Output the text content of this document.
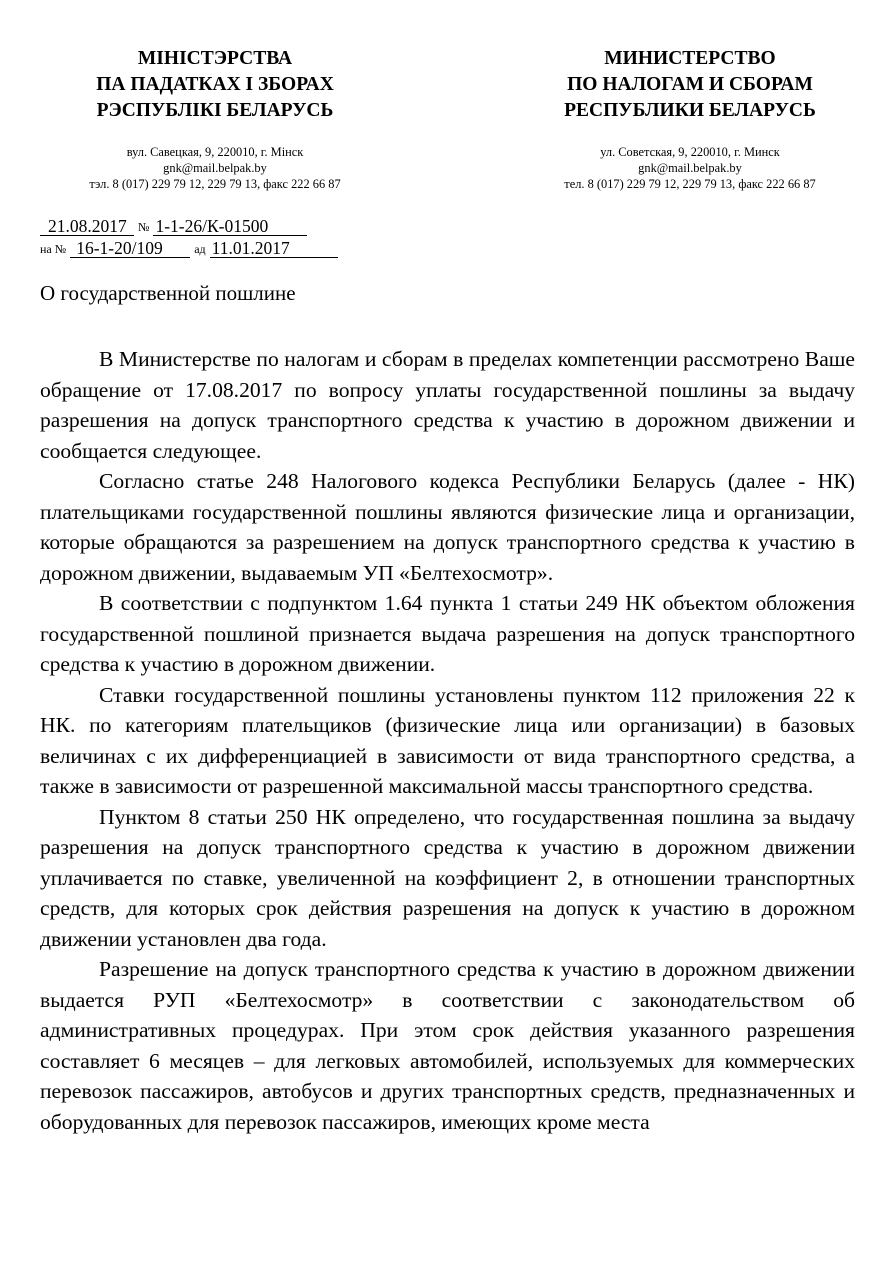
МІНІСТЭРСТВА
ПА ПАДАТКАХ І ЗБОРАХ
РЭСПУБЛІКІ БЕЛАРУСЬ
вул. Савецкая, 9, 220010, г. Мінск
gnk@mail.belpak.by
тэл. 8 (017) 229 79 12, 229 79 13, факс 222 66 87
МИНИСТЕРСТВО
ПО НАЛОГАМ И СБОРАМ
РЕСПУБЛИКИ БЕЛАРУСЬ
ул. Советская, 9, 220010, г. Минск
gnk@mail.belpak.by
тел. 8 (017) 229 79 12, 229 79 13, факс 222 66 87
21.08.2017 № 1-1-26/К-01500
на № 16-1-20/109	ад 11.01.2017
О государственной пошлине

В Министерстве по налогам и сборам в пределах компетенции рассмотрено Ваше обращение от 17.08.2017 по вопросу уплаты государственной пошлины за выдачу разрешения на допуск транспортного средства к участию в дорожном движении и сообщается следующее.

Согласно статье 248 Налогового кодекса Республики Беларусь (далее - НК) плательщиками государственной пошлины являются физические лица и организации, которые обращаются за разрешением на допуск транспортного средства к участию в дорожном движении, выдаваемым УП «Белтехосмотр».

В соответствии с подпунктом 1.64 пункта 1 статьи 249 НК объектом обложения государственной пошлиной признается выдача разрешения на допуск транспортного средства к участию в дорожном движении.

Ставки государственной пошлины установлены пунктом 112 приложения 22 к НК. по категориям плательщиков (физические лица или организации) в базовых величинах с их дифференциацией в зависимости от вида транспортного средства, а также в зависимости от разрешенной максимальной массы транспортного средства.

Пунктом 8 статьи 250 НК определено, что государственная пошлина за выдачу разрешения на допуск транспортного средства к участию в дорожном движении уплачивается по ставке, увеличенной на коэффициент 2, в отношении транспортных средств, для которых срок действия разрешения на допуск к участию в дорожном движении установлен два года.

Разрешение на допуск транспортного средства к участию в дорожном движении выдается РУП «Белтехосмотр» в соответствии с законодательством об административных процедурах. При этом срок действия указанного разрешения составляет 6 месяцев – для легковых автомобилей, используемых для коммерческих перевозок пассажиров, автобусов и других транспортных средств, предназначенных и оборудованных для перевозок пассажиров, имеющих кроме места
